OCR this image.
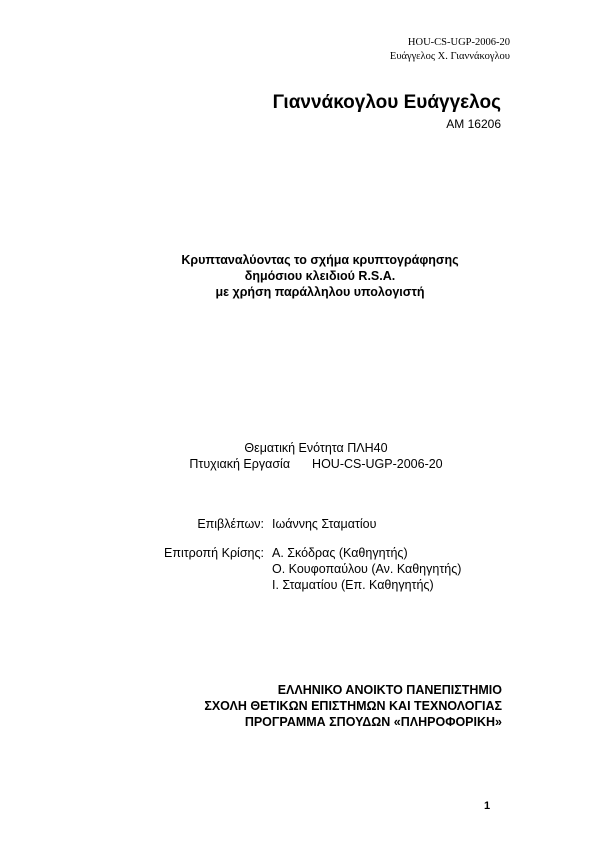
HOU-CS-UGP-2006-20
Ευάγγελος Χ. Γιαννάκογλου
Γιαννάκογλου Ευάγγελος
ΑΜ 16206
Κρυπταναλύοντας το σχήμα κρυπτογράφησης
δημόσιου κλειδιού R.S.A.
με χρήση παράλληλου υπολογιστή
Θεματική Ενότητα ΠΛΗ40
Πτυχιακή Εργασία HOU-CS-UGP-2006-20
Επιβλέπων: Ιωάννης Σταματίου
Επιτροπή Κρίσης: Α. Σκόδρας (Καθηγητής)
Ο. Κουφοπαύλου (Αν. Καθηγητής)
Ι. Σταματίου (Επ. Καθηγητής)
ΕΛΛΗΝΙΚΟ ΑΝΟΙΚΤΟ ΠΑΝΕΠΙΣΤΗΜΙΟ
ΣΧΟΛΗ ΘΕΤΙΚΩΝ ΕΠΙΣΤΗΜΩΝ ΚΑΙ ΤΕΧΝΟΛΟΓΙΑΣ
ΠΡΟΓΡΑΜΜΑ ΣΠΟΥΔΩΝ «ΠΛΗΡΟΦΟΡΙΚΗ»
1
